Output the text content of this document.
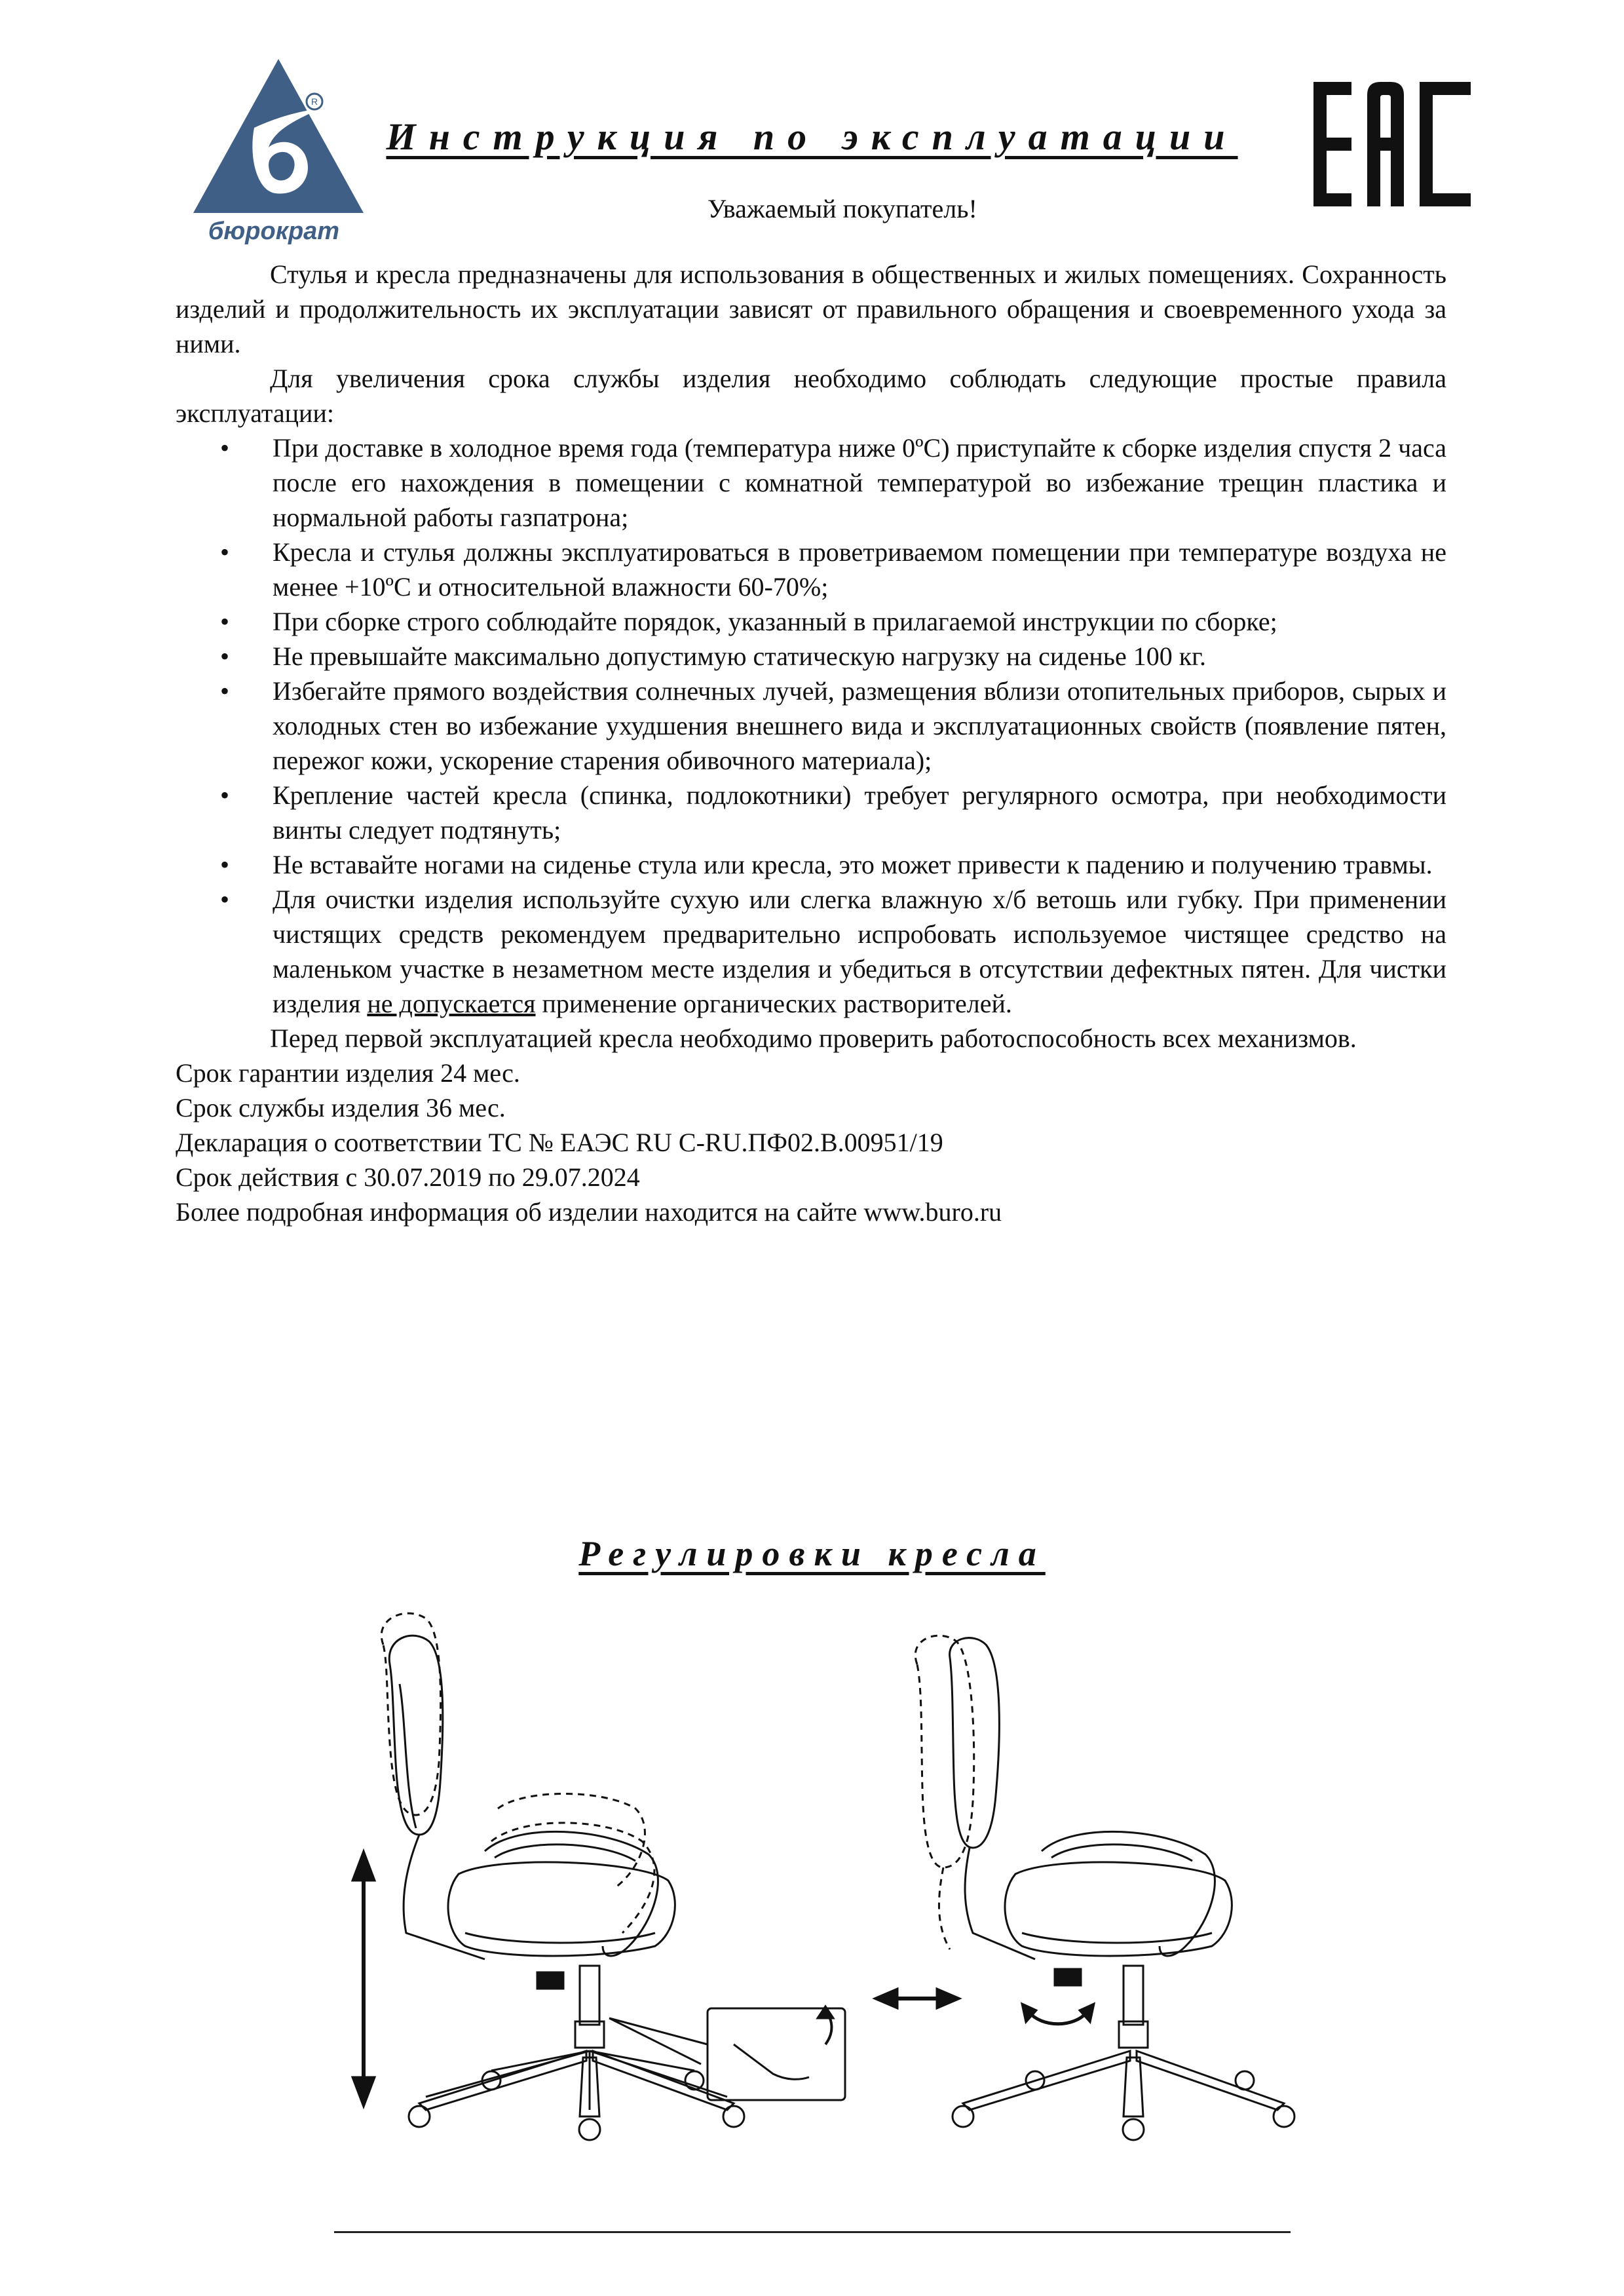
R
бюрократ
Инструкция по эксплуатации
Уважаемый покупатель!

Стулья и кресла предназначены для использования в общественных и жилых помещениях. Сохранность изделий и продолжительность их эксплуатации зависят от правильного обращения и своевременного ухода за ними.

Для увеличения срока службы изделия необходимо соблюдать следующие простые правила эксплуатации:

• При доставке в холодное время года (температура ниже 0ºС) приступайте к сборке изделия спустя 2 часа после его нахождения в помещении с комнатной температурой во избежание трещин пластика и нормальной работы газпатрона;
• Кресла и стулья должны эксплуатироваться в проветриваемом помещении при температуре воздуха не менее +10ºС и относительной влажности 60-70%;
• При сборке строго соблюдайте порядок, указанный в прилагаемой инструкции по сборке;
• Не превышайте максимально допустимую статическую нагрузку на сиденье 100 кг.
• Избегайте прямого воздействия солнечных лучей, размещения вблизи отопительных приборов, сырых и холодных стен во избежание ухудшения внешнего вида и эксплуатационных свойств (появление пятен, пережог кожи, ускорение старения обивочного материала);
• Крепление частей кресла (спинка, подлокотники) требует регулярного осмотра, при необходимости винты следует подтянуть;
• Не вставайте ногами на сиденье стула или кресла, это может привести к падению и получению травмы.
• Для очистки изделия используйте сухую или слегка влажную х/б ветошь или губку. При применении чистящих средств рекомендуем предварительно испробовать используемое чистящее средство на маленьком участке в незаметном месте изделия и убедиться в отсутствии дефектных пятен. Для чистки изделия не допускается применение органических растворителей.

Перед первой эксплуатацией кресла необходимо проверить работоспособность всех механизмов.

Срок гарантии изделия 24 мес.

Срок службы изделия 36 мес.

Декларация о соответствии ТС № ЕАЭС RU C-RU.ПФ02.В.00951/19

Срок действия с 30.07.2019 по 29.07.2024

Более подробная информация об изделии находится на сайте www.buro.ru

Регулировки кресла
